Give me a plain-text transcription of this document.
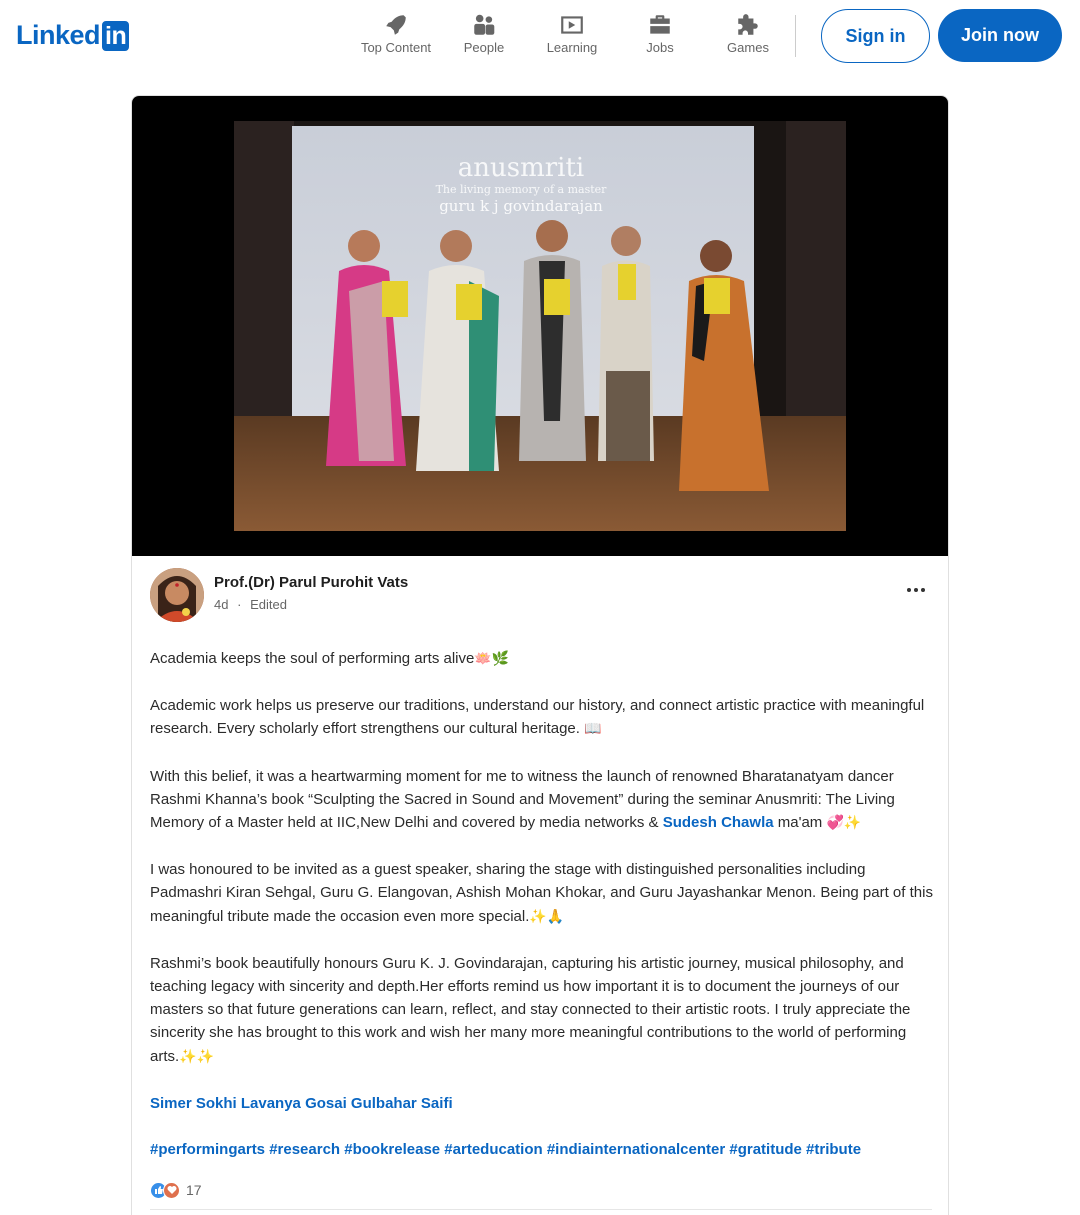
Linked in	Top Content	People	Learning	Jobs	Games
Sign in	Join now
anusmriti
The living memory of a master
guru k j govindarajan
Prof.(Dr) Parul Purohit Vats
4d · Edited

Academia keeps the soul of performing arts alive🪷🌿

Academic work helps us preserve our traditions, understand our history, and connect artistic practice with meaningful research. Every scholarly effort strengthens our cultural heritage. 📖

With this belief, it was a heartwarming moment for me to witness the launch of renowned Bharatanatyam dancer Rashmi Khanna’s book “Sculpting the Sacred in Sound and Movement” during the seminar Anusmriti: The Living Memory of a Master held at IIC,New Delhi and covered by media networks & Sudesh Chawla ma'am 💞✨

I was honoured to be invited as a guest speaker, sharing the stage with distinguished personalities including Padmashri Kiran Sehgal, Guru G. Elangovan, Ashish Mohan Khokar, and Guru Jayashankar Menon. Being part of this meaningful tribute made the occasion even more special.✨🙏

Rashmi’s book beautifully honours Guru K. J. Govindarajan, capturing his artistic journey, musical philosophy, and teaching legacy with sincerity and depth.Her efforts remind us how important it is to document the journeys of our masters so that future generations can learn, reflect, and stay connected to their artistic roots. I truly appreciate the sincerity she has brought to this work and wish her many more meaningful contributions to the world of performing arts.✨✨

Simer Sokhi Lavanya Gosai Gulbahar Saifi

#performingarts #research #bookrelease #arteducation #indiainternationalcenter #gratitude #tribute

17
